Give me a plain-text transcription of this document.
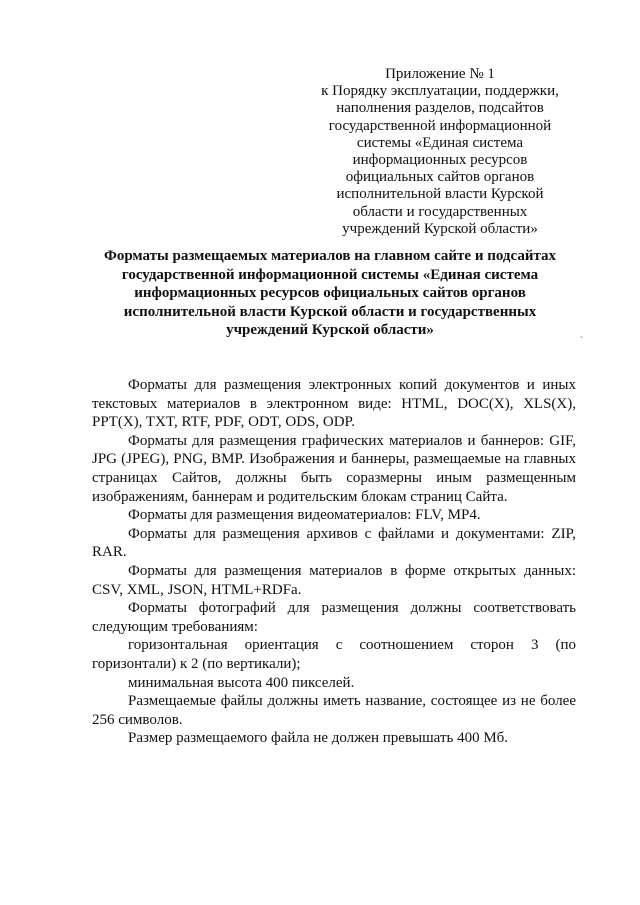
Приложение № 1
к Порядку эксплуатации, поддержки,
наполнения разделов, подсайтов
государственной информационной
системы «Единая система
информационных ресурсов
официальных сайтов органов
исполнительной власти Курской
области и государственных
учреждений Курской области»
Форматы размещаемых материалов на главном сайте и подсайтах
государственной информационной системы «Единая система
информационных ресурсов официальных сайтов органов
исполнительной власти Курской области и государственных
учреждений Курской области»
ˋ

Форматы для размещения электронных копий документов и иных текстовых материалов в электронном виде: HTML, DOC(X), XLS(X), PPT(X), TXT, RTF, PDF, ODT, ODS, ODP.

Форматы для размещения графических материалов и баннеров: GIF, JPG (JPEG), PNG, BMP. Изображения и баннеры, размещаемые на главных страницах Сайтов, должны быть соразмерны иным размещенным изображениям, баннерам и родительским блокам страниц Сайта.

Форматы для размещения видеоматериалов: FLV, MP4.

Форматы для размещения архивов с файлами и документами: ZIP, RAR.

Форматы для размещения материалов в форме открытых данных: CSV, XML, JSON, HTML+RDFa.

Форматы фотографий для размещения должны соответствовать следующим требованиям:

горизонтальная ориентация с соотношением сторон 3 (по горизонтали) к 2 (по вертикали);

минимальная высота 400 пикселей.

Размещаемые файлы должны иметь название, состоящее из не более 256 символов.

Размер размещаемого файла не должен превышать 400 Мб.
